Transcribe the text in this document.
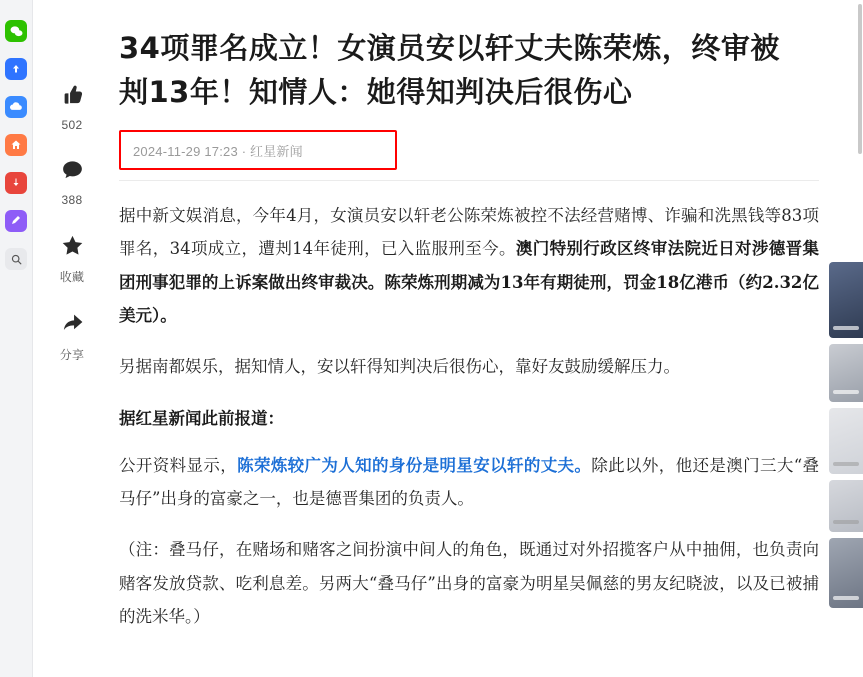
502
388
收藏
分享
34项罪名成立！女演员安以轩丈夫陈荣炼，终审被刔13年！知情人：她得知判决后很伤心
2024-11-29 17:23 · 红星新闻

据中新文娱消息，今年4月，女演员安以轩老公陈荣炼被控不法经营赌博、诈骗和洗黑钱等83项罪名，34项成立，遭刔14年徒刑，已入监服刑至今。澳门特别行政区终审法院近日对涉德晋集团刑事犯罪的上诉案做出终审裁决。陈荣炼刑期减为13年有期徒刑，罚金18亿港币（约2.32亿美元）。

另据南都娱乐，据知情人，安以轩得知判决后很伤心，靠好友鼓励缓解压力。

据红星新闻此前报道：

公开资料显示，陈荣炼较广为人知的身份是明星安以轩的丈夫。除此以外，他还是澳门三大“叠马仔”出身的富豪之一，也是德晋集团的负责人。

（注：叠马仔，在赌场和赌客之间扮演中间人的角色，既通过对外招揽客户从中抽佣，也负责向赌客发放贷款、吃利息差。另两大“叠马仔”出身的富豪为明星吴佩慈的男友纪晓波，以及已被捕的洗米华。）
